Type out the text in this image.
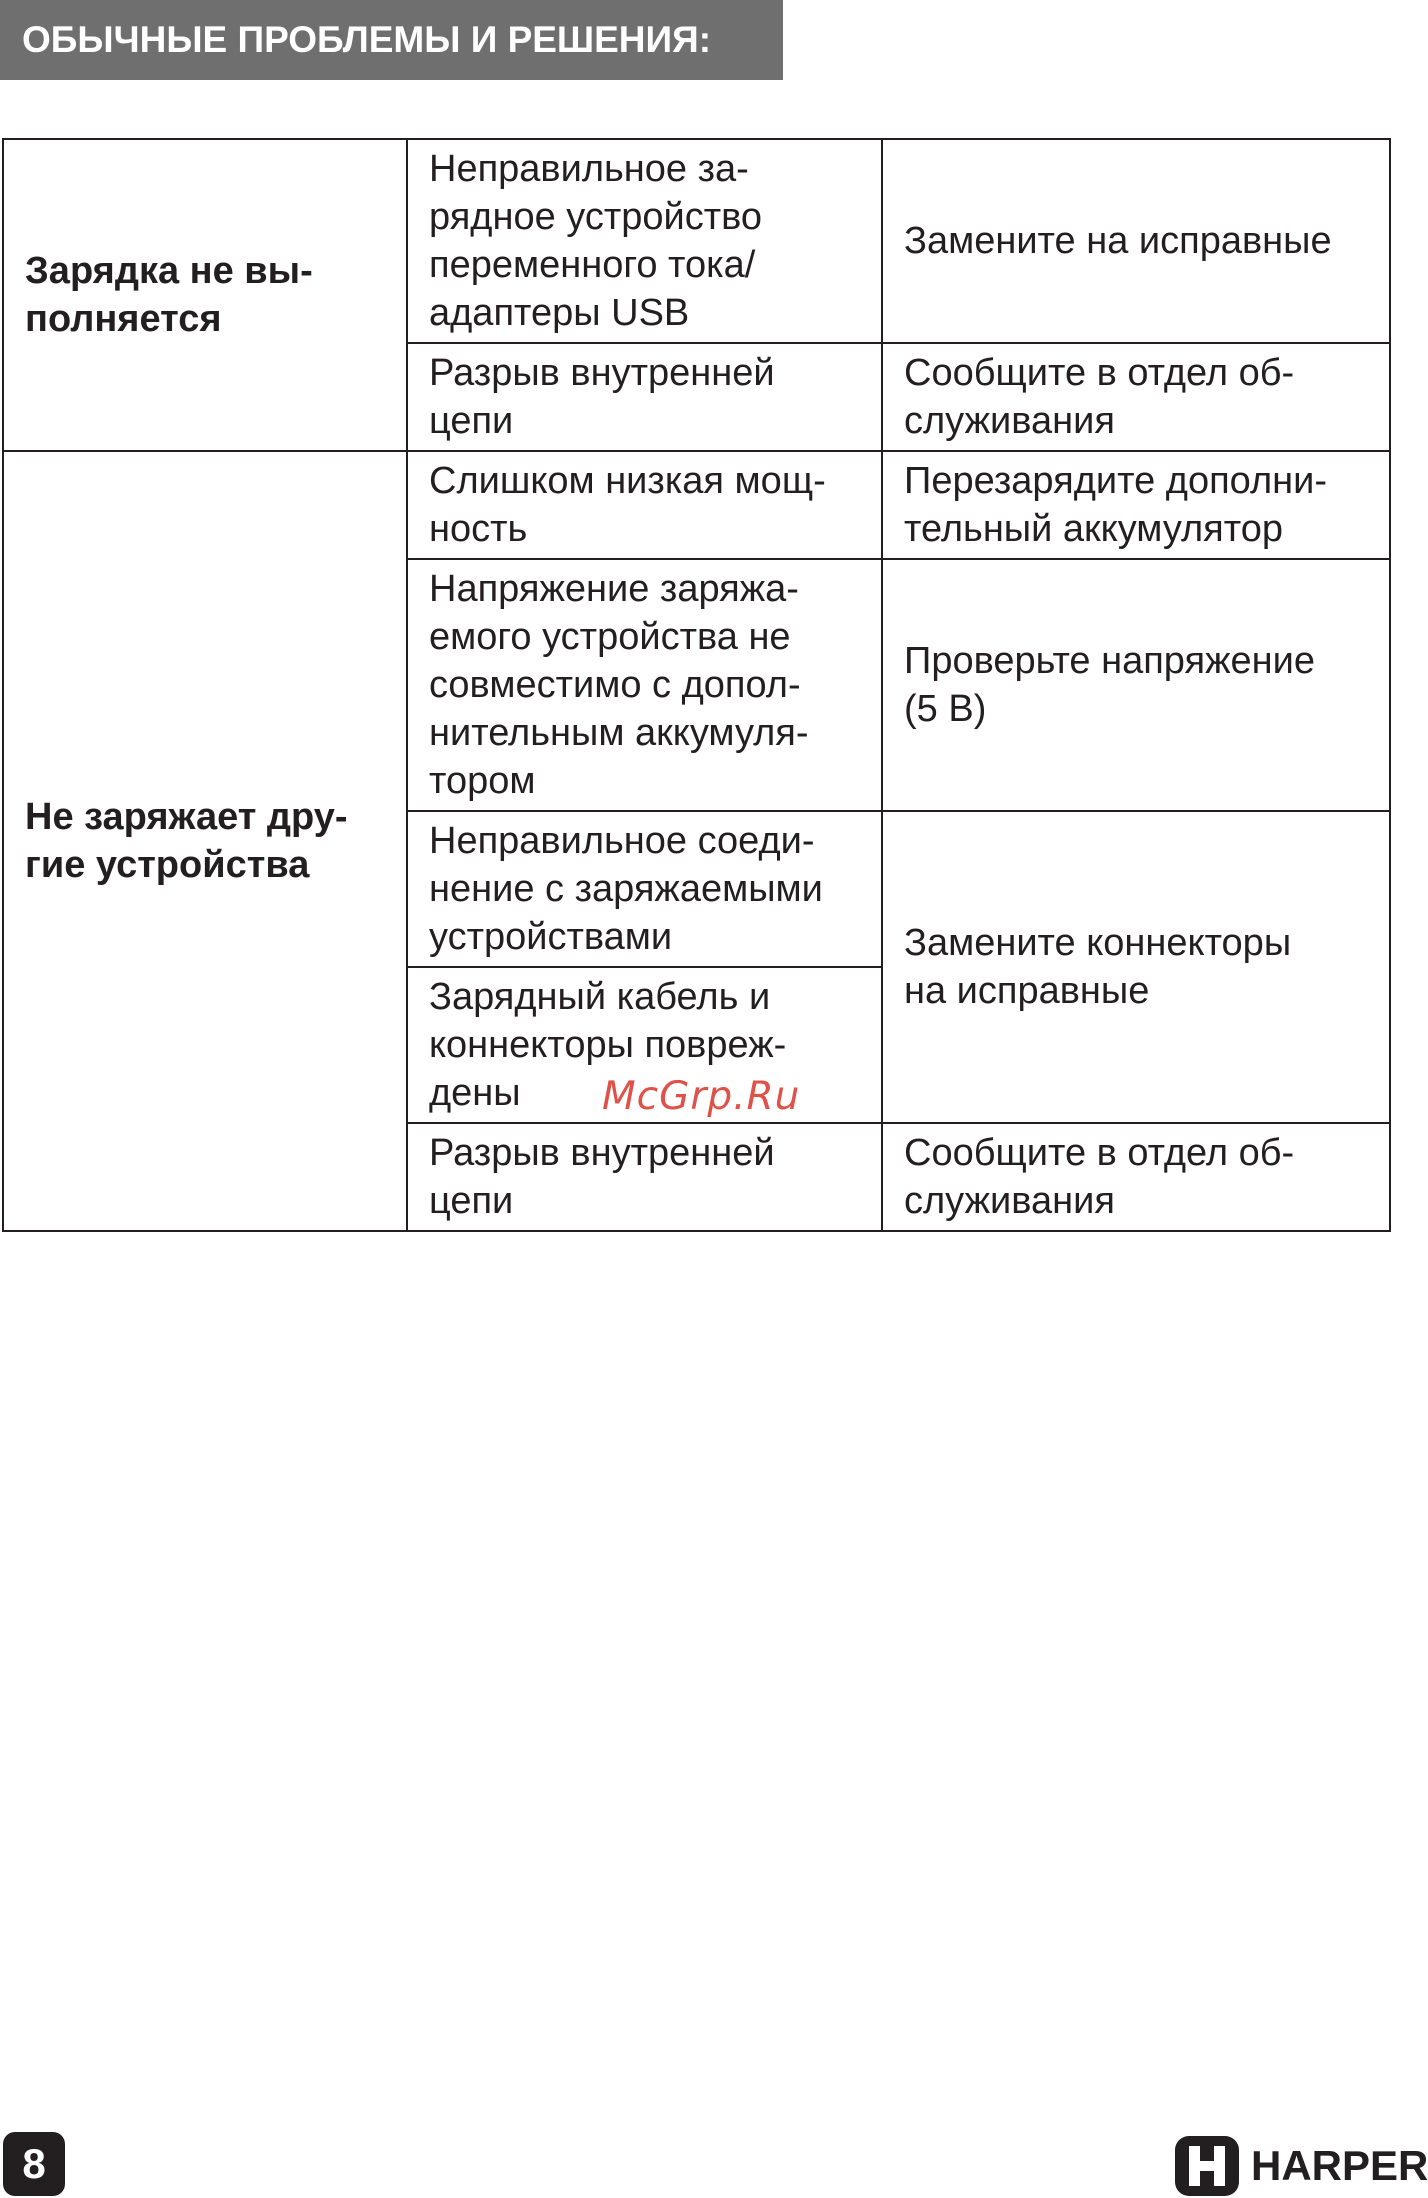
ОБЫЧНЫЕ ПРОБЛЕМЫ И РЕШЕНИЯ:
Зарядка не вы-
полняется	Неправильное за-
рядное устройство
переменного тока/
адаптеры USB	Замените на исправные
	Разрыв внутренней
цепи	Сообщите в отдел об-
служивания
Не заряжает дру-
гие устройства	Слишком низкая мощ-
ность	Перезарядите дополни-
тельный аккумулятор
	Напряжение заряжа-
емого устройства не
совместимо с допол-
нительным аккумуля-
тором	Проверьте напряжение
(5 В)
	Неправильное соеди-
нение с заряжаемыми
устройствами	Замените коннекторы
на исправные
	Зарядный кабель и
коннекторы повреж-
дены	
	Разрыв внутренней
цепи	Сообщите в отдел об-
служивания
McGrp.Ru
8	HARPER
